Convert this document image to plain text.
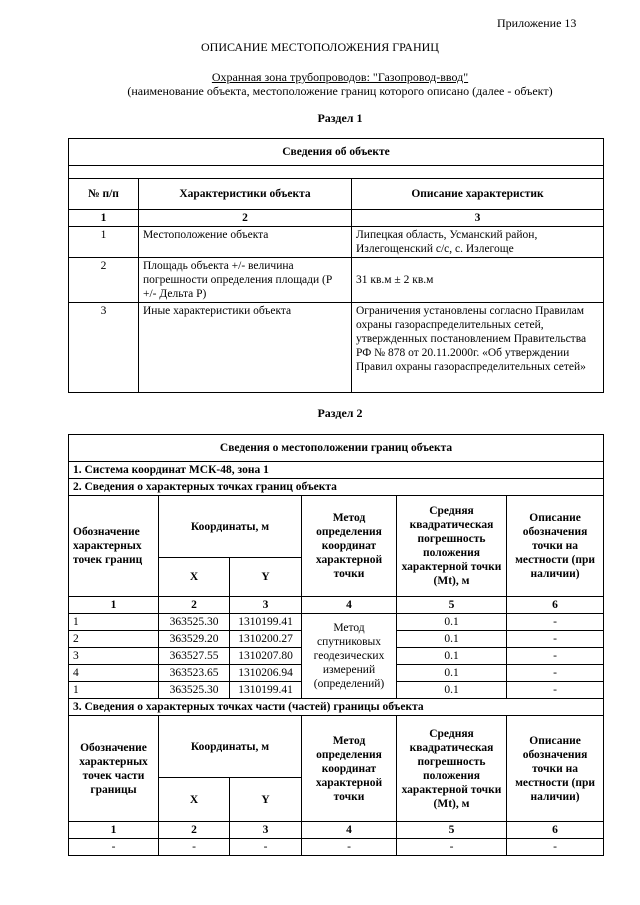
Приложение 13
ОПИСАНИЕ МЕСТОПОЛОЖЕНИЯ ГРАНИЦ
Охранная зона трубопроводов: "Газопровод-ввод"
(наименование объекта, местоположение границ которого описано (далее - объект)
Раздел 1
Сведения об объекте		

№ п/п	Характеристики объекта	Описание характеристик
1	2	3
1	Местоположение объекта	Липецкая область, Усманский район, Излегощенский с/с, с. Излегоще
2	Площадь объекта +/- величина погрешности определения площади (Р +/- Дельта Р)	31 кв.м ± 2 кв.м
3	Иные характеристики объекта	Ограничения установлены согласно Правилам охраны газораспределительных сетей, утвержденных постановлением Правительства РФ № 878 от 20.11.2000г. «Об утверждении Правил охраны газораспределительных сетей»
Раздел 2
Сведения о местоположении границ объекта					
1. Система координат МСК-48, зона 1					
2. Сведения о характерных точках границ объекта					
Обозначение характерных точек границ	Координаты, м		Метод определения координат характерной точки	Средняя квадратическая погрешность положения характерной точки (Mt), м	Описание обозначения точки на местности (при наличии)
	X	Y			
1	2	3	4	5	6
1	363525.30	1310199.41	Метод спутниковых геодезических измерений (определений)	0.1	-
2	363529.20	1310200.27		0.1	-
3	363527.55	1310207.80		0.1	-
4	363523.65	1310206.94		0.1	-
1	363525.30	1310199.41		0.1	-
3. Сведения о характерных точках части (частей) границы объекта					
Обозначение характерных точек части границы	Координаты, м		Метод определения координат характерной точки	Средняя квадратическая погрешность положения характерной точки (Mt), м	Описание обозначения точки на местности (при наличии)
	X	Y			
1	2	3	4	5	6
-	-	-	-	-	-
